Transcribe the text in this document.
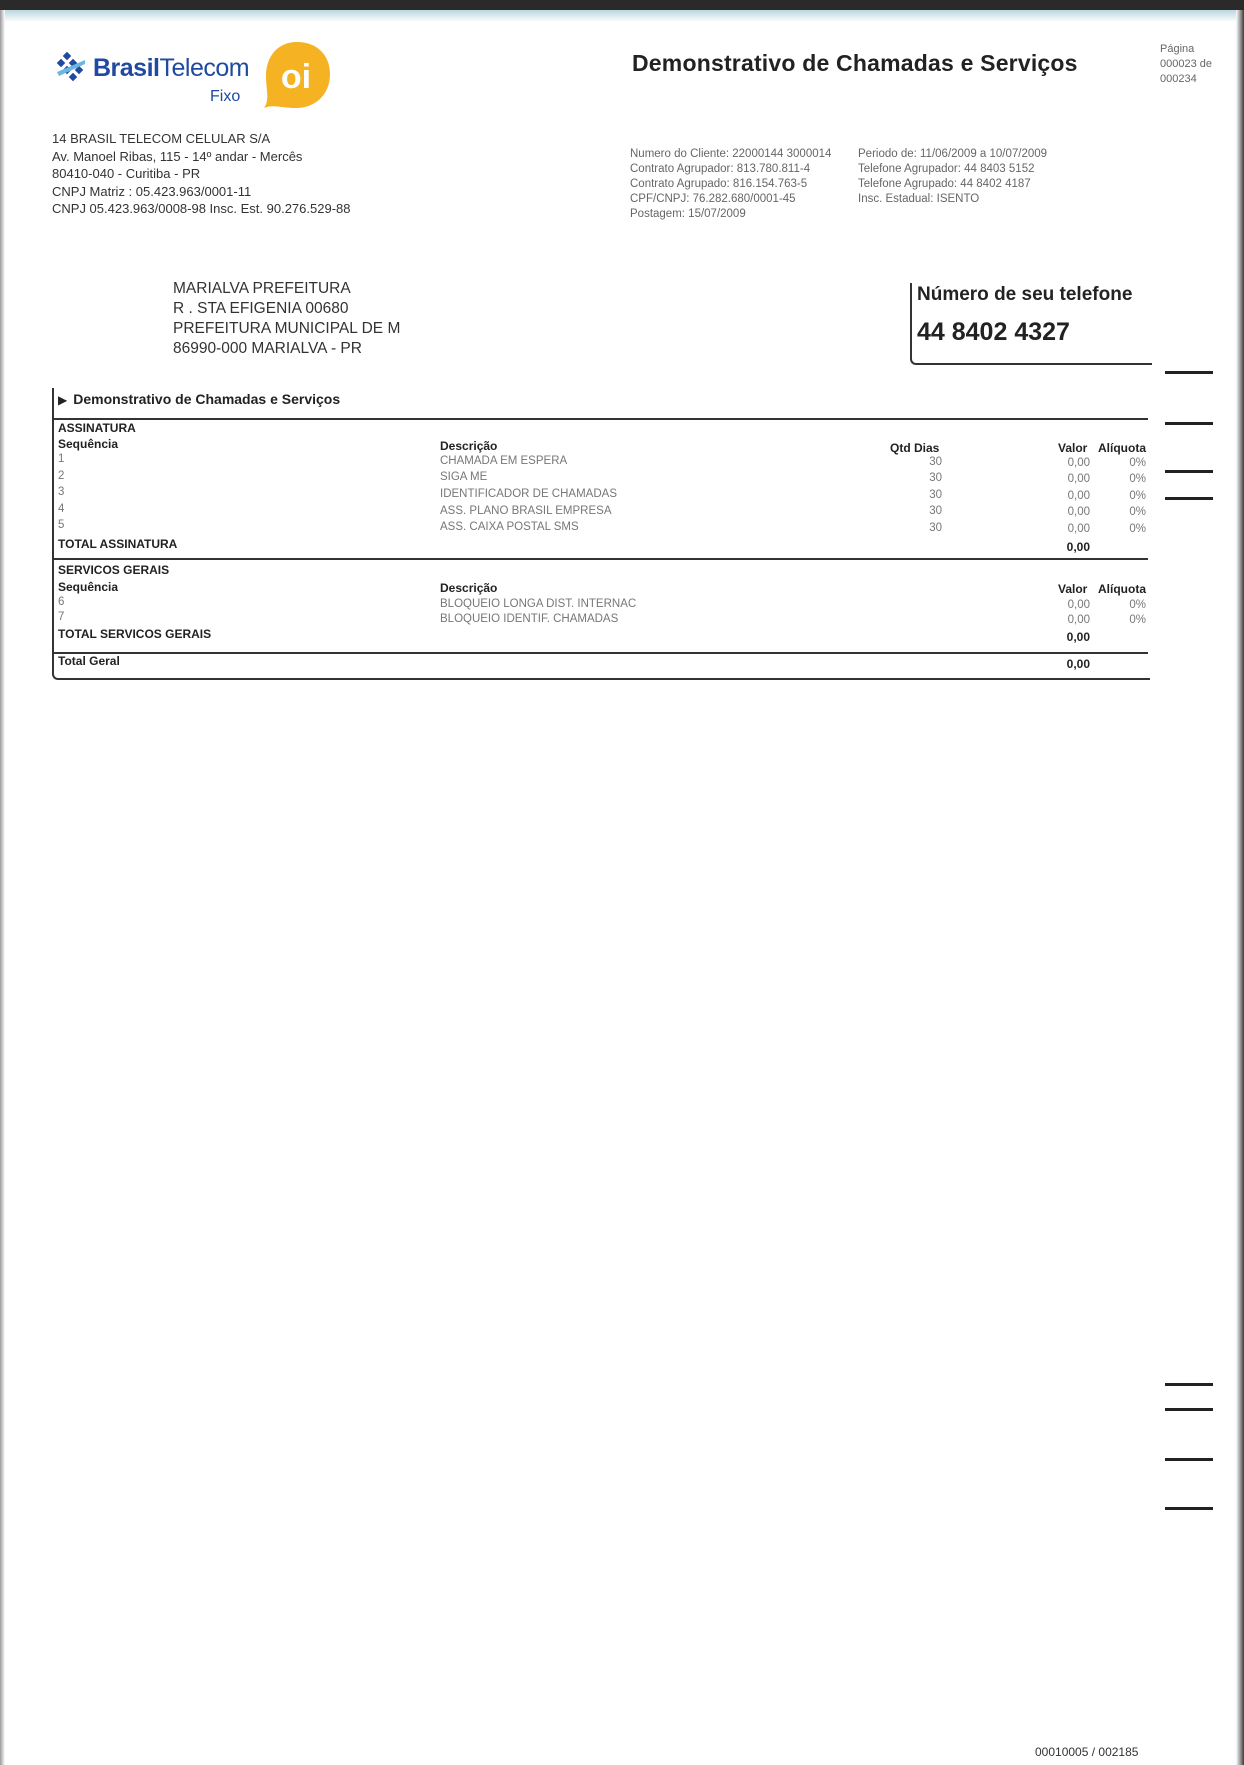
BrasilTelecom
Fixo
oi	Demonstrativo de Chamadas e Serviços
Página
000023 de
000234
14 BRASIL TELECOM CELULAR S/A
Av. Manoel Ribas, 115 - 14º andar - Mercês
80410-040 - Curitiba - PR
CNPJ Matriz : 05.423.963/0001-11
CNPJ 05.423.963/0008-98 Insc. Est. 90.276.529-88
Numero do Cliente: 22000144 3000014
Contrato Agrupador: 813.780.811-4
Contrato Agrupado: 816.154.763-5
CPF/CNPJ: 76.282.680/0001-45
Postagem: 15/07/2009
Periodo de: 11/06/2009 a 10/07/2009
Telefone Agrupador: 44 8403 5152
Telefone Agrupado: 44 8402 4187
Insc. Estadual: ISENTO
MARIALVA PREFEITURA
R . STA EFIGENIA 00680
PREFEITURA MUNICIPAL DE M
86990-000 MARIALVA - PR
Número de seu telefone
44 8402 4327
▶ Demonstrativo de Chamadas e Serviços
ASSINATURA
Sequência	Descrição	Qtd Dias	Valor Alíquota
1	CHAMADA EM ESPERA	30	0,00	0%
2	SIGA ME	30	0,00	0%
3	IDENTIFICADOR DE CHAMADAS	30	0,00	0%
4	ASS. PLANO BRASIL EMPRESA	30	0,00	0%
5	ASS. CAIXA POSTAL SMS	30	0,00	0%
TOTAL ASSINATURA	0,00
SERVICOS GERAIS
Sequência	Descrição	Valor Alíquota
6	BLOQUEIO LONGA DIST. INTERNAC	0,00	0%
7	BLOQUEIO IDENTIF. CHAMADAS	0,00	0%
TOTAL SERVICOS GERAIS	0,00
Total Geral	0,00
00010005 / 002185
